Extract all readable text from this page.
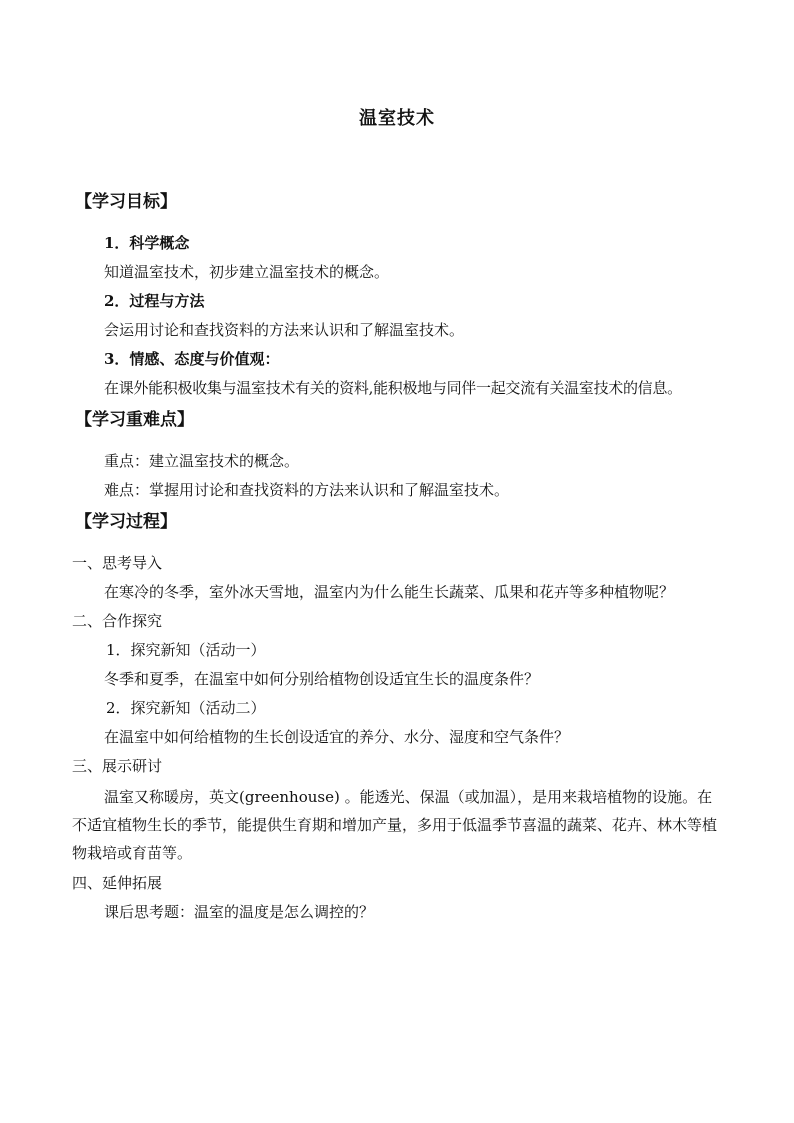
温室技术
【学习目标】
1．科学概念
知道温室技术，初步建立温室技术的概念。
2．过程与方法
会运用讨论和查找资料的方法来认识和了解温室技术。
3．情感、态度与价值观：
在课外能积极收集与温室技术有关的资料,能积极地与同伴一起交流有关温室技术的信息。
【学习重难点】
重点：建立温室技术的概念。
难点：掌握用讨论和查找资料的方法来认识和了解温室技术。
【学习过程】
一、思考导入
在寒冷的冬季，室外冰天雪地，温室内为什么能生长蔬菜、瓜果和花卉等多种植物呢？
二、合作探究
1．探究新知（活动一）
冬季和夏季，在温室中如何分别给植物创设适宜生长的温度条件？
2．探究新知（活动二）
在温室中如何给植物的生长创设适宜的养分、水分、湿度和空气条件？
三、展示研讨
温室又称暖房，英文(greenhouse) 。能透光、保温（或加温），是用来栽培植物的设施。在不适宜植物生长的季节，能提供生育期和增加产量，多用于低温季节喜温的蔬菜、花卉、林木等植物栽培或育苗等。
四、延伸拓展
课后思考题：温室的温度是怎么调控的？
